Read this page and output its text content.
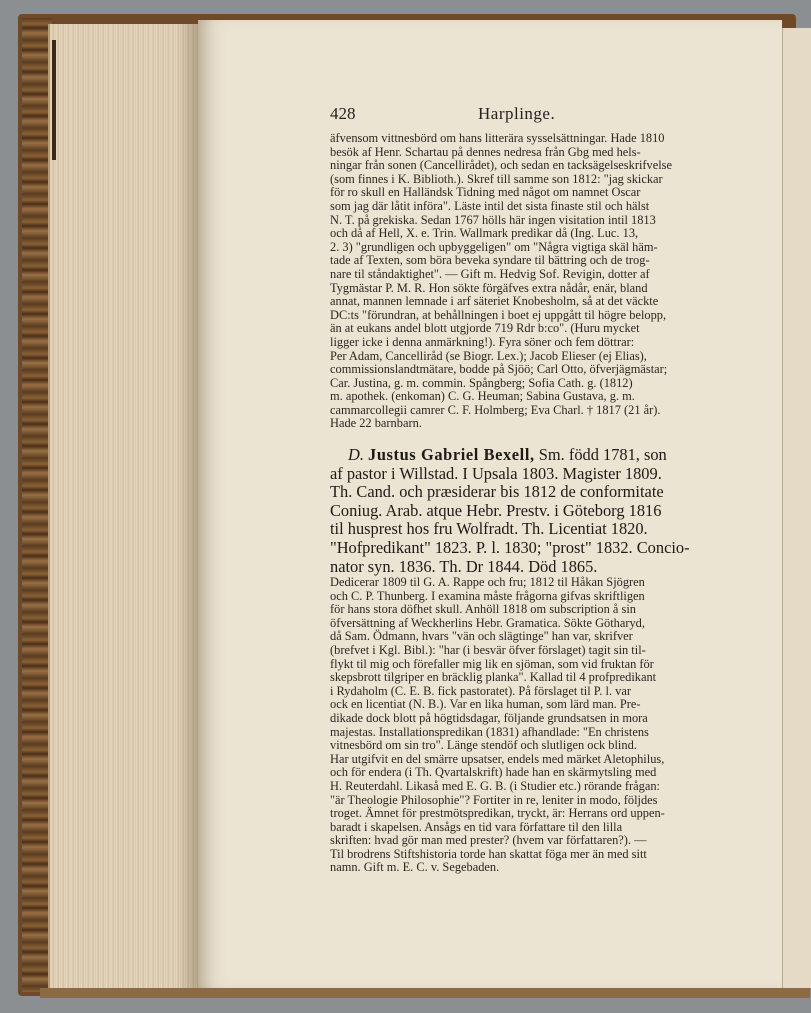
428	Harplinge.
äfvensom vittnesbörd om hans litterära sysselsättningar. Hade 1810
besök af Henr. Schartau på dennes nedresa från Gbg med hels-
ningar från sonen (Cancellirådet), och sedan en tacksägelseskrifvelse
(som finnes i K. Biblioth.). Skref till samme son 1812: "jag skickar
för ro skull en Halländsk Tidning med något om namnet Oscar
som jag där låtit införa". Läste intil det sista finaste stil och hälst
N. T. på grekiska. Sedan 1767 hölls här ingen visitation intil 1813
och då af Hell, X. e. Trin. Wallmark predikar då (Ing. Luc. 13,
2. 3) "grundligen och upbyggeligen" om "Några vigtiga skäl häm-
tade af Texten, som böra beveka syndare til bättring och de trog-
nare til ståndaktighet". — Gift m. Hedvig Sof. Revigin, dotter af
Tygmästar P. M. R. Hon sökte förgäfves extra nådår, enär, bland
annat, mannen lemnade i arf säteriet Knobesholm, så at det väckte
DC:ts "förundran, at behållningen i boet ej uppgått til högre belopp,
än at eukans andel blott utgjorde 719 Rdr b:co". (Huru mycket
ligger icke i denna anmärkning!). Fyra söner och fem döttrar:
Per Adam, Cancelliråd (se Biogr. Lex.); Jacob Elieser (ej Elias),
commissionslandtmätare, bodde på Sjöö; Carl Otto, öfverjägmästar;
Car. Justina, g. m. commin. Spångberg; Sofia Cath. g. (1812)
m. apothek. (enkoman) C. G. Heuman; Sabina Gustava, g. m.
cammarcollegii camrer C. F. Holmberg; Eva Charl. † 1817 (21 år).
Hade 22 barnbarn.

D. Justus Gabriel Bexell, Sm. född 1781, son

af pastor i Willstad. I Upsala 1803. Magister 1809.
Th. Cand. och præsiderar bis 1812 de conformitate
Coniug. Arab. atque Hebr. Prestv. i Göteborg 1816
til husprest hos fru Wolfradt. Th. Licentiat 1820.
"Hofpredikant" 1823. P. l. 1830; "prost" 1832. Concio-
nator syn. 1836. Th. Dr 1844. Död 1865.
Dedicerar 1809 til G. A. Rappe och fru; 1812 til Håkan Sjögren
och C. P. Thunberg. I examina måste frågorna gifvas skriftligen
för hans stora döfhet skull. Anhöll 1818 om subscription å sin
öfversättning af Weckherlins Hebr. Gramatica. Sökte Götharyd,
då Sam. Ödmann, hvars "vän och slägtinge" han var, skrifver
(brefvet i Kgl. Bibl.): "har (i besvär öfver förslaget) tagit sin til-
flykt til mig och förefaller mig lik en sjöman, som vid fruktan för
skepsbrott tilgriper en bräcklig planka". Kallad til 4 profpredikant
i Rydaholm (C. E. B. fick pastoratet). På förslaget til P. l. var
ock en licentiat (N. B.). Var en lika human, som lärd man. Pre-
dikade dock blott på högtidsdagar, följande grundsatsen in mora
majestas. Installationspredikan (1831) afhandlade: "En christens
vitnesbörd om sin tro". Länge stendöf och slutligen ock blind.
Har utgifvit en del smärre upsatser, endels med märket Aletophilus,
och för endera (i Th. Qvartalskrift) hade han en skärmytsling med
H. Reuterdahl. Likaså med E. G. B. (i Studier etc.) rörande frågan:
"är Theologie Philosophie"? Fortiter in re, leniter in modo, följdes
troget. Ämnet för prestmötspredikan, tryckt, är: Herrans ord uppen-
baradt i skapelsen. Ansågs en tid vara författare til den lilla
skriften: hvad gör man med prester? (hvem var författaren?). —
Til brodrens Stiftshistoria torde han skattat föga mer än med sitt
namn. Gift m. E. C. v. Segebaden.
